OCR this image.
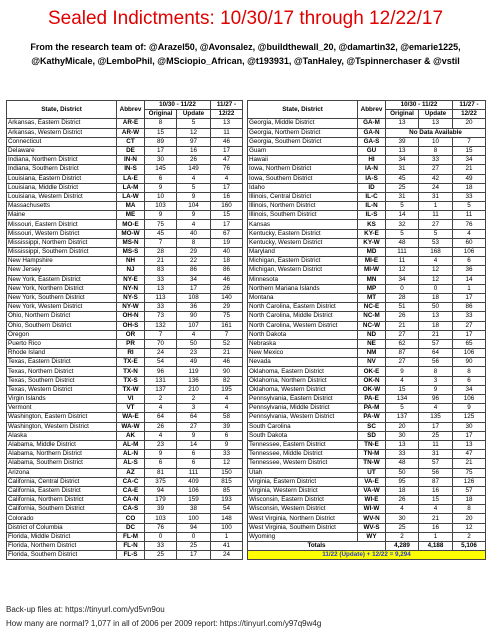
Sealed Indictments: 10/30/17 through 12/22/17
From the research team of: @Arazel50, @Avonsalez, @buildthewall_20, @damartin32, @emarie1225, @KathyMicale, @LemboPhil, @MSciopio_African, @t193931, @TanHaley, @Tspinnerchaser & @vstil
State, District	Abbrev	10/30 - 11/22		11/27 -
		Original	Update	12/22
Arkansas, Eastern District	AR-E	8	5	13
Arkansas, Western District	AR-W	15	12	11
Connecticut	CT	89	97	46
Delaware	DE	17	16	17
Indiana, Northern District	IN-N	30	26	47
Indiana, Southern District	IN-S	145	149	76
Louisiana, Eastern District	LA-E	6	4	4
Louisiana, Middle District	LA-M	9	5	17
Louisiana, Western District	LA-W	10	9	16
Massachusetts	MA	103	104	160
Maine	ME	9	9	15
Missouri, Eastern District	MO-E	75	4	17
Missouri, Western District	MO-W	45	40	67
Mississippi, Northern District	MS-N	7	8	19
Mississippi, Southern District	MS-S	28	29	40
New Hampshire	NH	21	22	18
New Jersey	NJ	83	86	86
New York, Eastern District	NY-E	33	34	46
New York, Northern District	NY-N	13	17	26
New York, Southern District	NY-S	113	108	140
New York, Western District	NY-W	33	36	29
Ohio, Northern District	OH-N	73	90	75
Ohio, Southern District	OH-S	132	107	161
Oregon	OR	7	4	7
Puerto Rico	PR	70	50	52
Rhode Island	RI	24	23	21
Texas, Eastern District	TX-E	54	49	46
Texas, Northern District	TX-N	96	119	90
Texas, Southern District	TX-S	131	136	82
Texas, Western District	TX-W	137	210	195
Virgin Islands	VI	2	2	4
Vermont	VT	4	3	4
Washington, Eastern District	WA-E	64	64	58
Washington, Western District	WA-W	26	27	39
Alaska	AK	4	9	6
Alabama, Middle District	AL-M	23	14	9
Alabama, Northern District	AL-N	9	6	33
Alabama, Southern District	AL-S	6	6	12
Arizona	AZ	81	111	150
California, Central District	CA-C	375	409	815
California, Eastern District	CA-E	94	106	85
California, Northern District	CA-N	179	159	193
California, Southern District	CA-S	39	38	54
Colorado	CO	103	100	148
District of Columbia	DC	76	94	100
Florida, Middle District	FL-M	0	0	1
Florida, Northern District	FL-N	33	25	41
Florida, Southern District	FL-S	25	17	24
State, District	Abbrev	10/30 - 11/22		11/27 -
		Original	Update	12/22
Georgia, Middle District	GA-M	13	13	20
Georgia, Northern District	GA-N	No Data Available		
Georgia, Southern District	GA-S	39	10	7
Guam	GU	13	8	15
Hawaii	HI	34	33	34
Iowa, Northern District	IA-N	31	27	21
Iowa, Southern District	IA-S	45	42	49
Idaho	ID	25	24	18
Illinois, Central District	IL-C	31	31	33
Illinois, Northern District	IL-N	5	1	5
Illinois, Southern District	IL-S	14	11	11
Kansas	KS	32	27	76
Kentucky, Eastern District	KY-E	5	5	4
Kentucky, Western District	KY-W	48	53	60
Maryland	MD	111	168	106
Michigan, Eastern District	MI-E	11	4	6
Michigan, Western District	MI-W	12	12	36
Minnesota	MN	34	12	14
Northern Mariana Islands	MP	0	0	1
Montana	MT	28	18	17
North Carolina, Eastern District	NC-E	51	50	86
North Carolina, Middle District	NC-M	26	13	33
North Carolina, Western District	NC-W	21	18	27
North Dakota	ND	27	21	17
Nebraska	NE	62	57	65
New Mexico	NM	87	64	106
Nevada	NV	27	56	90
Oklahoma, Eastern District	OK-E	9	8	8
Oklahoma, Northern District	OK-N	4	3	6
Oklahoma, Western District	OK-W	15	9	34
Pennsylvania, Eastern District	PA-E	134	96	106
Pennsylvania, Middle District	PA-M	5	4	9
Pennsylvania, Western District	PA-W	137	135	125
South Carolina	SC	20	17	30
South Dakota	SD	30	25	17
Tennessee, Eastern District	TN-E	13	11	13
Tennessee, Middle District	TN-M	33	31	47
Tennessee, Western District	TN-W	48	57	21
Utah	UT	50	56	75
Virginia, Eastern District	VA-E	95	87	126
Virginia, Western District	VA-W	18	16	57
Wisconsin, Eastern District	WI-E	26	15	18
Wisconsin, Western District	WI-W	4	4	8
West Virginia, Northern District	WV-N	30	21	20
West Virginia, Southern District	WV-S	25	16	12
Wyoming	WY	2	1	2
Totals		4,289	4,188	5,106
11/22 (Update) + 12/22 = 9,294				
Back-up files at: https://tinyurl.com/yd5vn9ou
How many are normal? 1,077 in all of 2006 per 2009 report: https://tinyurl.com/y97q9w4g
